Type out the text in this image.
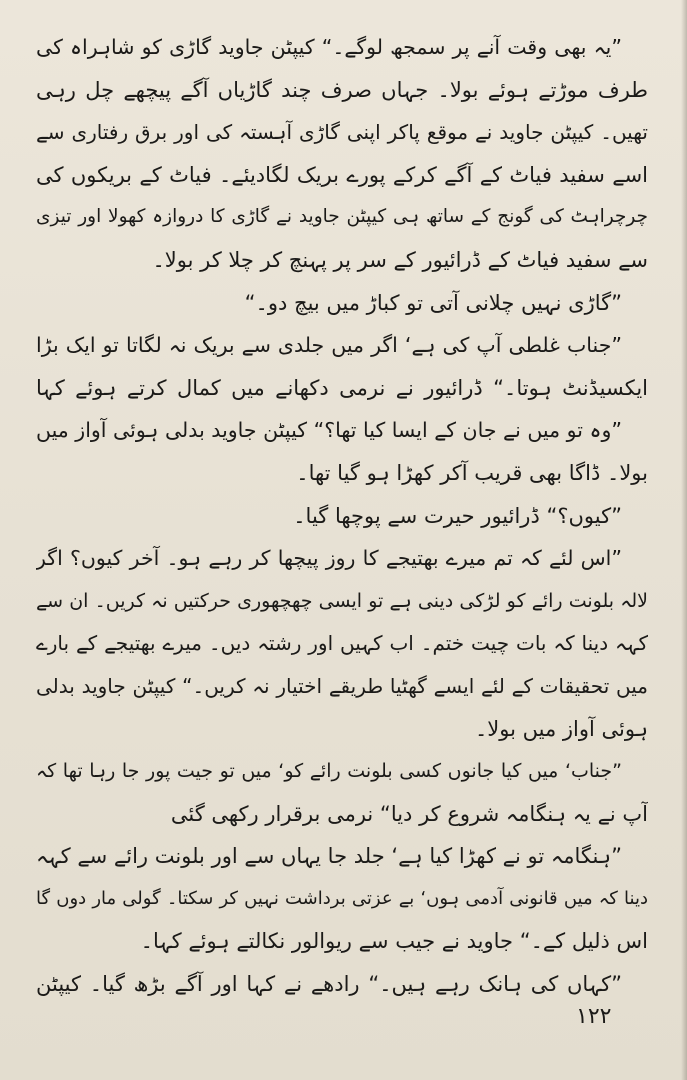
”یہ بھی وقت آنے پر سمجھ لوگے۔“ کیپٹن جاوید گاڑی کو شاہراہ کی
طرف موڑتے ہوئے بولا۔ جہاں صرف چند گاڑیاں آگے پیچھے چل رہی
تھیں۔ کیپٹن جاوید نے موقع پاکر اپنی گاڑی آہستہ کی اور برق رفتاری سے
اسے سفید فیاٹ کے آگے کرکے پورے بریک لگادیئے۔ فیاٹ کے بریکوں کی
چرچراہٹ کی گونج کے ساتھ ہی کیپٹن جاوید نے گاڑی کا دروازہ کھولا اور تیزی
سے سفید فیاٹ کے ڈرائیور کے سر پر پہنچ کر چلا کر بولا۔
”گاڑی نہیں چلانی آتی تو کباڑ میں بیچ دو۔“
”جناب غلطی آپ کی ہے‘ اگر میں جلدی سے بریک نہ لگاتا تو ایک بڑا
ایکسیڈنٹ ہوتا۔“ ڈرائیور نے نرمی دکھانے میں کمال کرتے ہوئے کہا
”وہ تو میں نے جان کے ایسا کیا تھا؟“ کیپٹن جاوید بدلی ہوئی آواز میں
بولا۔ ڈاگا بھی قریب آکر کھڑا ہو گیا تھا۔
”کیوں؟“ ڈرائیور حیرت سے پوچھا گیا۔
”اس لئے کہ تم میرے بھتیجے کا روز پیچھا کر رہے ہو۔ آخر کیوں؟ اگر
لالہ بلونت رائے کو لڑکی دینی ہے تو ایسی چھچھوری حرکتیں نہ کریں۔ ان سے
کہہ دینا کہ بات چیت ختم۔ اب کہیں اور رشتہ دیں۔ میرے بھتیجے کے بارے
میں تحقیقات کے لئے ایسے گھٹیا طریقے اختیار نہ کریں۔“ کیپٹن جاوید بدلی
ہوئی آواز میں بولا۔
”جناب‘ میں کیا جانوں کسی بلونت رائے کو‘ میں تو جیت پور جا رہا تھا کہ
آپ نے یہ ہنگامہ شروع کر دیا“ نرمی برقرار رکھی گئی
”ہنگامہ تو نے کھڑا کیا ہے‘ جلد جا یہاں سے اور بلونت رائے سے کہہ
دینا کہ میں قانونی آدمی ہوں‘ بے عزتی برداشت نہیں کر سکتا۔ گولی مار دوں گا
اس ذلیل کے۔“ جاوید نے جیب سے ریوالور نکالتے ہوئے کہا۔
”کہاں کی ہانک رہے ہیں۔“ رادھے نے کہا اور آگے بڑھ گیا۔ کیپٹن
۱۲۲
